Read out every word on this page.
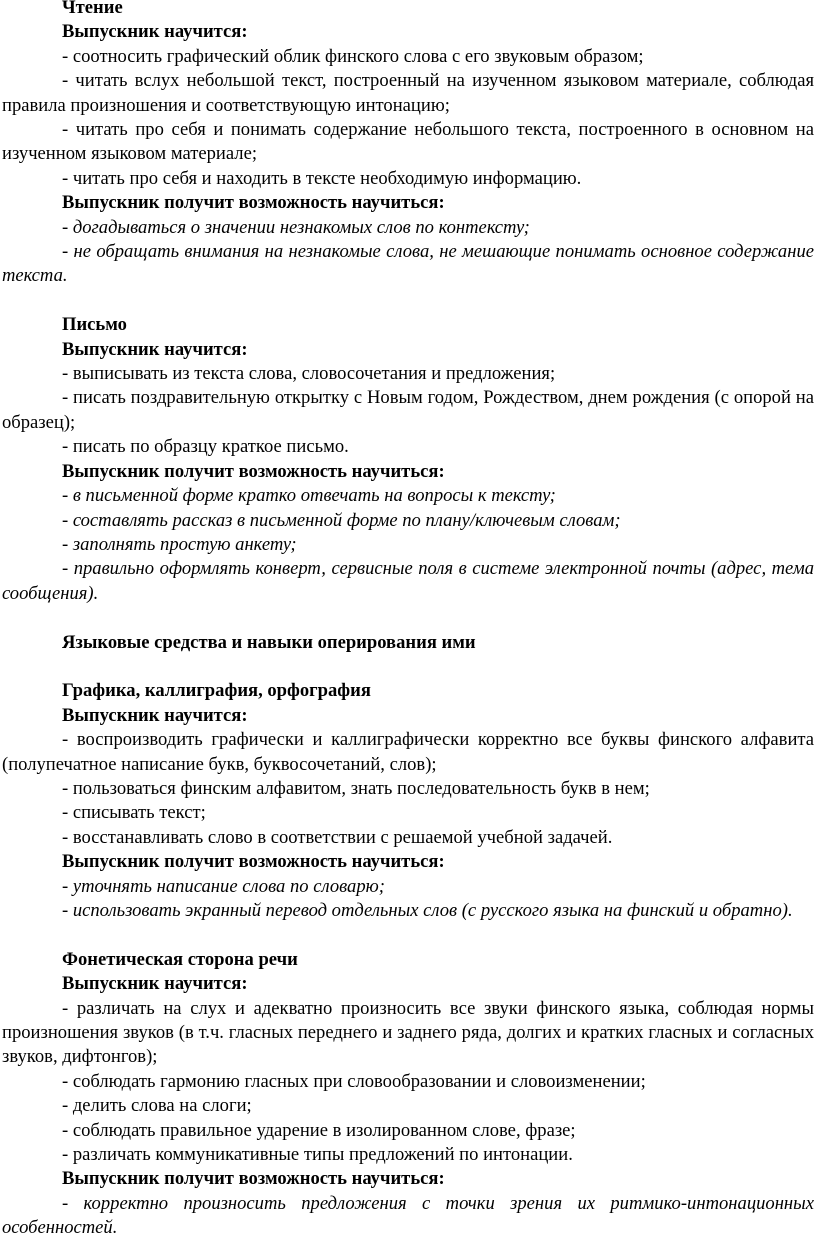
Чтение

Выпускник научится:

- соотносить графический облик финского слова с его звуковым образом;

- читать вслух небольшой текст, построенный на изученном языковом материале, соблюдая правила произношения и соответствующую интонацию;

- читать про себя и понимать содержание небольшого текста, построенного в основном на изученном языковом материале;

- читать про себя и находить в тексте необходимую информацию.

Выпускник получит возможность научиться:

- догадываться о значении незнакомых слов по контексту;

- не обращать внимания на незнакомые слова, не мешающие понимать основное содержание текста.

Письмо

Выпускник научится:

- выписывать из текста слова, словосочетания и предложения;

- писать поздравительную открытку с Новым годом, Рождеством, днем рождения (с опорой на образец);

- писать по образцу краткое письмо.

Выпускник получит возможность научиться:

- в письменной форме кратко отвечать на вопросы к тексту;

- составлять рассказ в письменной форме по плану/ключевым словам;

- заполнять простую анкету;

- правильно оформлять конверт, сервисные поля в системе электронной почты (адрес, тема сообщения).

Языковые средства и навыки оперирования ими

Графика, каллиграфия, орфография

Выпускник научится:

- воспроизводить графически и каллиграфически корректно все буквы финского алфавита (полупечатное написание букв, буквосочетаний, слов);

- пользоваться финским алфавитом, знать последовательность букв в нем;

- списывать текст;

- восстанавливать слово в соответствии с решаемой учебной задачей.

Выпускник получит возможность научиться:

- уточнять написание слова по словарю;

- использовать экранный перевод отдельных слов (с русского языка на финский и обратно).

Фонетическая сторона речи

Выпускник научится:

- различать на слух и адекватно произносить все звуки финского языка, соблюдая нормы произношения звуков (в т.ч. гласных переднего и заднего ряда, долгих и кратких гласных и согласных звуков, дифтонгов);

- соблюдать гармонию гласных при словообразовании и словоизменении;

- делить слова на слоги;

- соблюдать правильное ударение в изолированном слове, фразе;

- различать коммуникативные типы предложений по интонации.

Выпускник получит возможность научиться:

- корректно произносить предложения с точки зрения их ритмико-интонационных особенностей.
